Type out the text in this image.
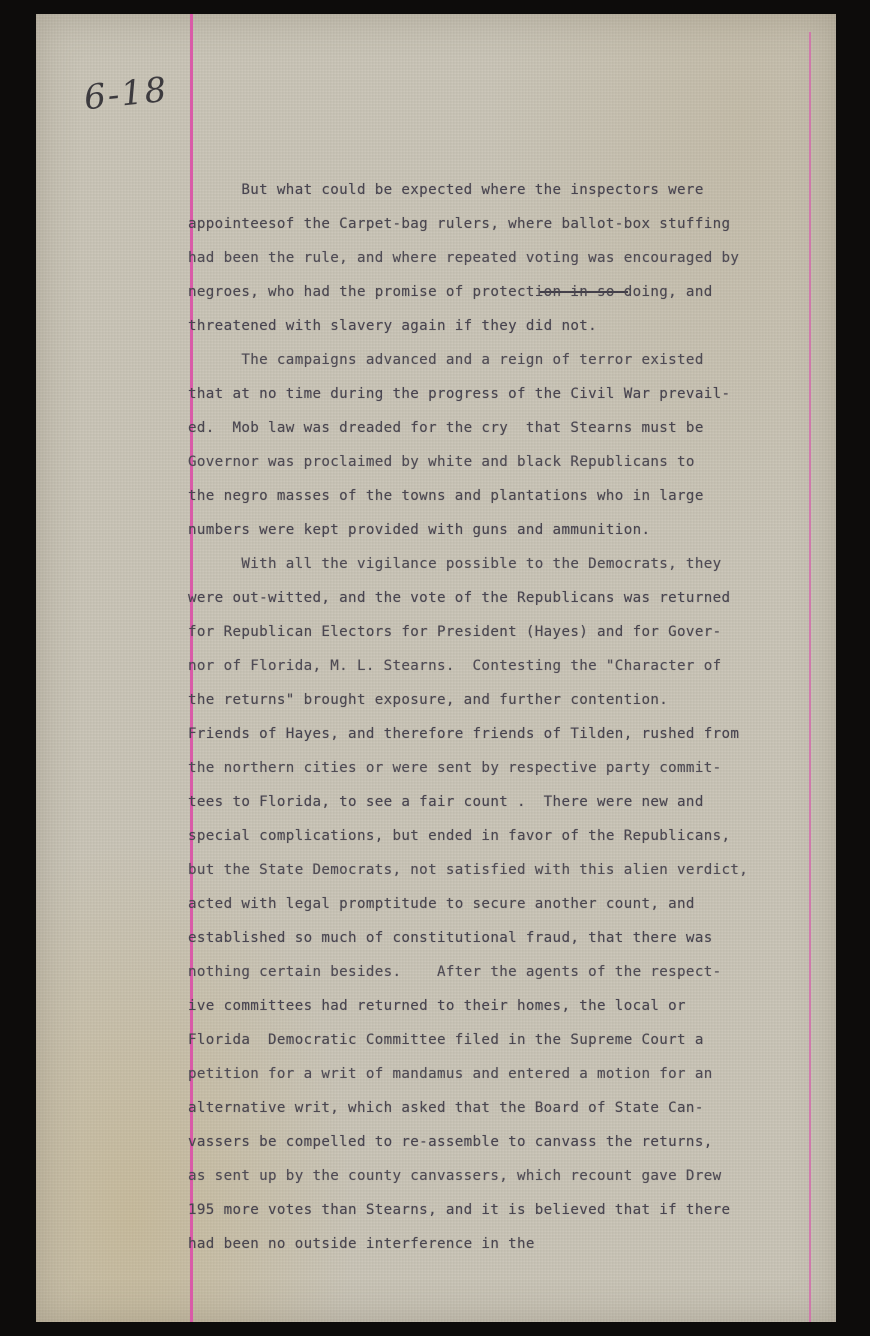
6-18
But what could be expected where the inspectors were
appointeesof the Carpet-bag rulers, where ballot-box stuffing
had been the rule, and where repeated voting was encouraged by
negroes, who had the promise of protection in so doing, and
threatened with slavery again if they did not.
The campaigns advanced and a reign of terror existed
that at no time during the progress of the Civil War prevail-
ed.  Mob law was dreaded for the cry  that Stearns must be
Governor was proclaimed by white and black Republicans to
the negro masses of the towns and plantations who in large
numbers were kept provided with guns and ammunition.
With all the vigilance possible to the Democrats, they
were out-witted, and the vote of the Republicans was returned
for Republican Electors for President (Hayes) and for Gover-
nor of Florida, M. L. Stearns.  Contesting the "Character of
the returns" brought exposure, and further contention.
Friends of Hayes, and therefore friends of Tilden, rushed from
the northern cities or were sent by respective party commit-
tees to Florida, to see a fair count .  There were new and
special complications, but ended in favor of the Republicans,
but the State Democrats, not satisfied with this alien verdict,
acted with legal promptitude to secure another count, and
established so much of constitutional fraud, that there was
nothing certain besides.    After the agents of the respect-
ive committees had returned to their homes, the local or
Florida  Democratic Committee filed in the Supreme Court a
petition for a writ of mandamus and entered a motion for an
alternative writ, which asked that the Board of State Can-
vassers be compelled to re-assemble to canvass the returns,
as sent up by the county canvassers, which recount gave Drew
195 more votes than Stearns, and it is believed that if there
had been no outside interference in the
